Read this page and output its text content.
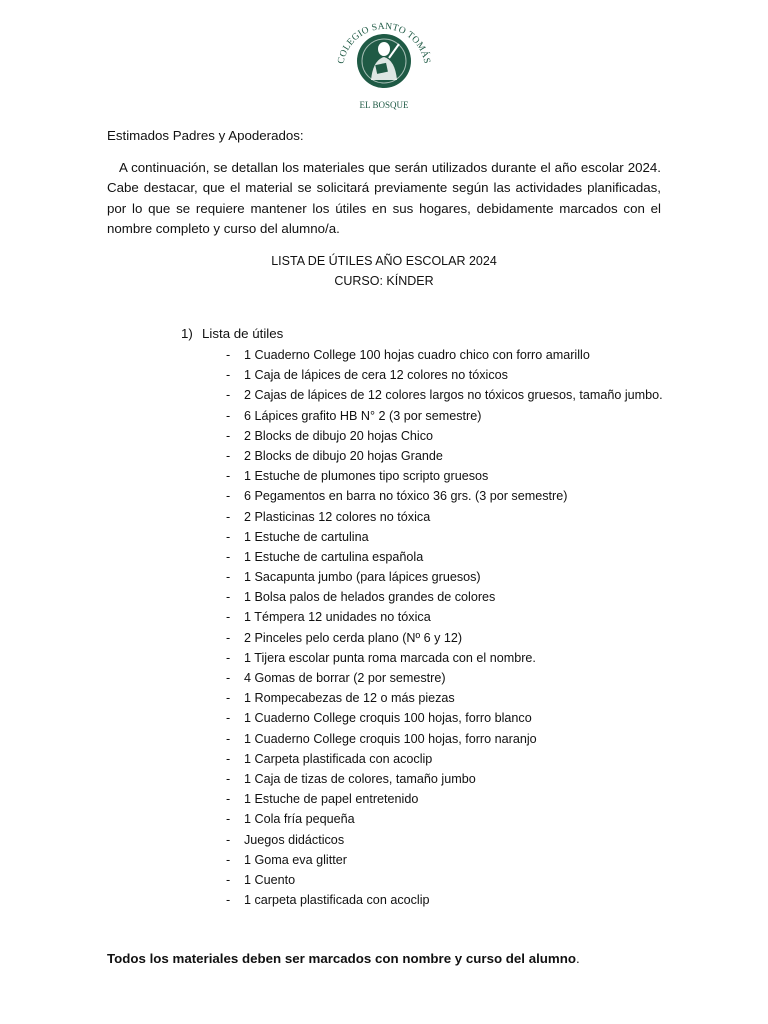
COLEGIO SANTO TOMÁS
EL BOSQUE

Estimados Padres y Apoderados:

A continuación, se detallan los materiales que serán utilizados durante el año escolar 2024. Cabe destacar, que el material se solicitará previamente según las actividades planificadas, por lo que se requiere mantener los útiles en sus hogares, debidamente marcados con el nombre completo y curso del alumno/a.

LISTA DE ÚTILES AÑO ESCOLAR 2024

CURSO: KÍNDER

1) Lista de útiles

-	1 Cuaderno College 100 hojas cuadro chico con forro amarillo
-	1 Caja de lápices de cera 12 colores no tóxicos
-	2 Cajas de lápices de 12 colores largos no tóxicos gruesos, tamaño jumbo.
-	6 Lápices grafito HB N° 2 (3 por semestre)
-	2 Blocks de dibujo 20 hojas Chico
-	2 Blocks de dibujo 20 hojas Grande
-	1 Estuche de plumones tipo scripto gruesos
-	6 Pegamentos en barra no tóxico 36 grs. (3 por semestre)
-	2 Plasticinas 12 colores no tóxica
-	1 Estuche de cartulina
-	1 Estuche de cartulina española
-	1 Sacapunta jumbo (para lápices gruesos)
-	1 Bolsa palos de helados grandes de colores
-	1 Témpera 12 unidades no tóxica
-	2 Pinceles pelo cerda plano (Nº 6 y 12)
-	1 Tijera escolar punta roma marcada con el nombre.
-	4 Gomas de borrar (2 por semestre)
-	1 Rompecabezas de 12 o más piezas
-	1 Cuaderno College croquis 100 hojas, forro blanco
-	1 Cuaderno College croquis 100 hojas, forro naranjo
-	1 Carpeta plastificada con acoclip
-	1 Caja de tizas de colores, tamaño jumbo
-	1 Estuche de papel entretenido
-	1 Cola fría pequeña
-	Juegos didácticos
-	1 Goma eva glitter
-	1 Cuento
-	1 carpeta plastificada con acoclip

Todos los materiales deben ser marcados con nombre y curso del alumno.
